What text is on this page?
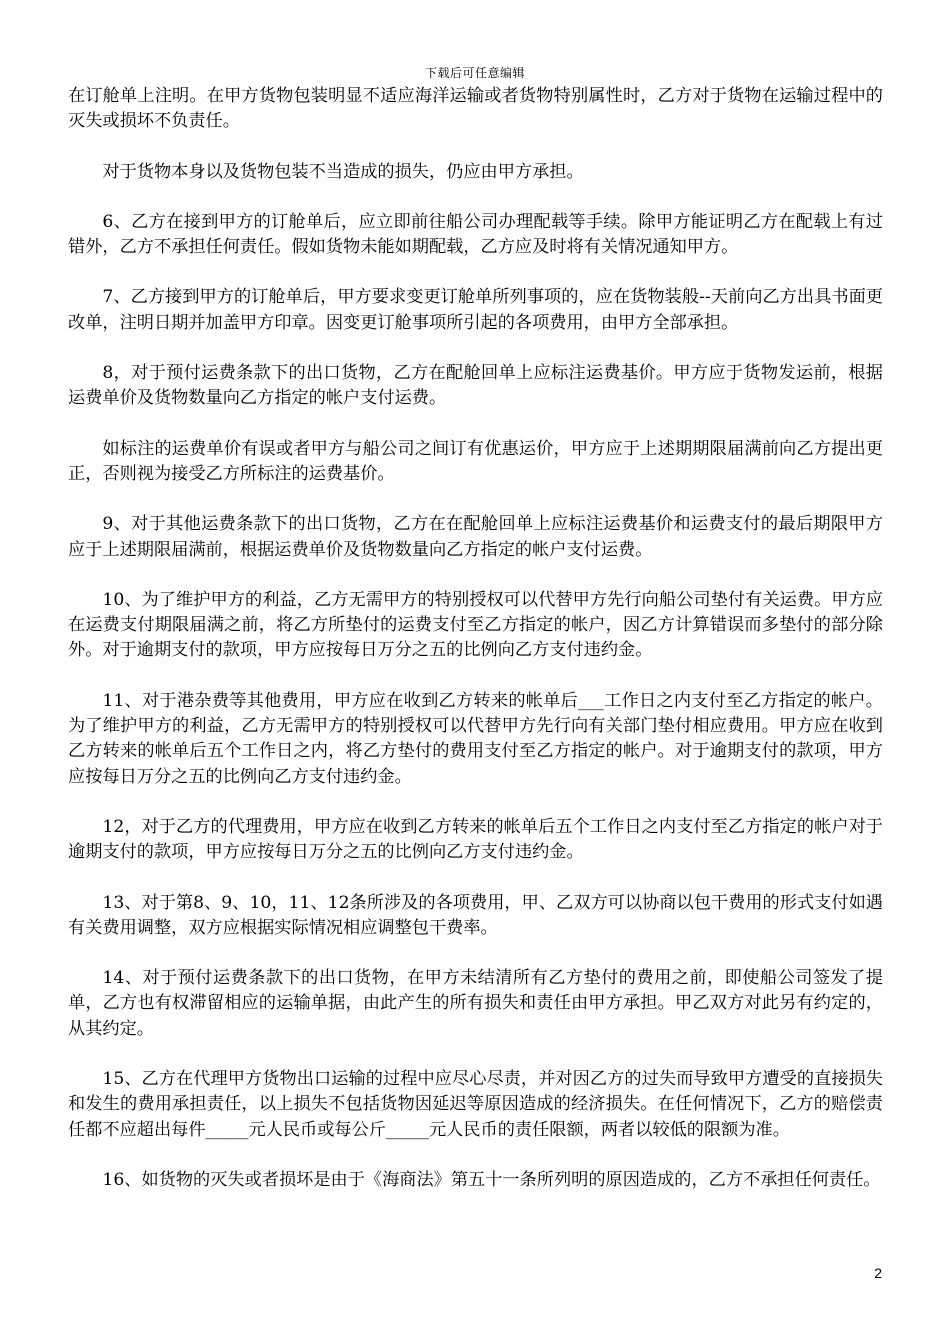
下载后可任意编辑

在订舱单上注明。在甲方货物包装明显不适应海洋运输或者货物特别属性时，乙方对于货物在运输过程中的灭失或损坏不负责任。

对于货物本身以及货物包装不当造成的损失，仍应由甲方承担。

6、乙方在接到甲方的订舱单后，应立即前往船公司办理配载等手续。除甲方能证明乙方在配载上有过错外，乙方不承担任何责任。假如货物未能如期配载，乙方应及时将有关情况通知甲方。

7、乙方接到甲方的订舱单后，甲方要求变更订舱单所列事项的，应在货物装般--天前向乙方出具书面更改单，注明日期并加盖甲方印章。因变更订舱事项所引起的各项费用，由甲方全部承担。

8，对于预付运费条款下的出口货物，乙方在配舱回单上应标注运费基价。甲方应于货物发运前，根据运费单价及货物数量向乙方指定的帐户支付运费。

如标注的运费单价有误或者甲方与船公司之间订有优惠运价，甲方应于上述期期限届满前向乙方提出更正，否则视为接受乙方所标注的运费基价。

9、对于其他运费条款下的出口货物，乙方在在配舱回单上应标注运费基价和运费支付的最后期限甲方应于上述期限届满前，根据运费单价及货物数量向乙方指定的帐户支付运费。

10、为了维护甲方的利益，乙方无需甲方的特别授权可以代替甲方先行向船公司垫付有关运费。甲方应在运费支付期限届满之前，将乙方所垫付的运费支付至乙方指定的帐户，因乙方计算错误而多垫付的部分除外。对于逾期支付的款项，甲方应按每日万分之五的比例向乙方支付违约金。

11、对于港杂费等其他费用，甲方应在收到乙方转来的帐单后___工作日之内支付至乙方指定的帐户。为了维护甲方的利益，乙方无需甲方的特别授权可以代替甲方先行向有关部门垫付相应费用。甲方应在收到乙方转来的帐单后五个工作日之内，将乙方垫付的费用支付至乙方指定的帐户。对于逾期支付的款项，甲方应按每日万分之五的比例向乙方支付违约金。

12，对于乙方的代理费用，甲方应在收到乙方转来的帐单后五个工作日之内支付至乙方指定的帐户对于逾期支付的款项，甲方应按每日万分之五的比例向乙方支付违约金。

13、对于第8、9、10，11、12条所涉及的各项费用，甲、乙双方可以协商以包干费用的形式支付如遇有关费用调整，双方应根据实际情况相应调整包干费率。

14、对于预付运费条款下的出口货物，在甲方未结清所有乙方垫付的费用之前，即使船公司签发了提单，乙方也有权滞留相应的运输单据，由此产生的所有损失和责任由甲方承担。甲乙双方对此另有约定的，从其约定。

15、乙方在代理甲方货物出口运输的过程中应尽心尽责，并对因乙方的过失而导致甲方遭受的直接损失和发生的费用承担责任，以上损失不包括货物因延迟等原因造成的经济损失。在任何情况下，乙方的赔偿责任都不应超出每件_____元人民币或每公斤_____元人民币的责任限额，两者以较低的限额为准。

16、如货物的灭失或者损坏是由于《海商法》第五十一条所列明的原因造成的，乙方不承担任何责任。

2
